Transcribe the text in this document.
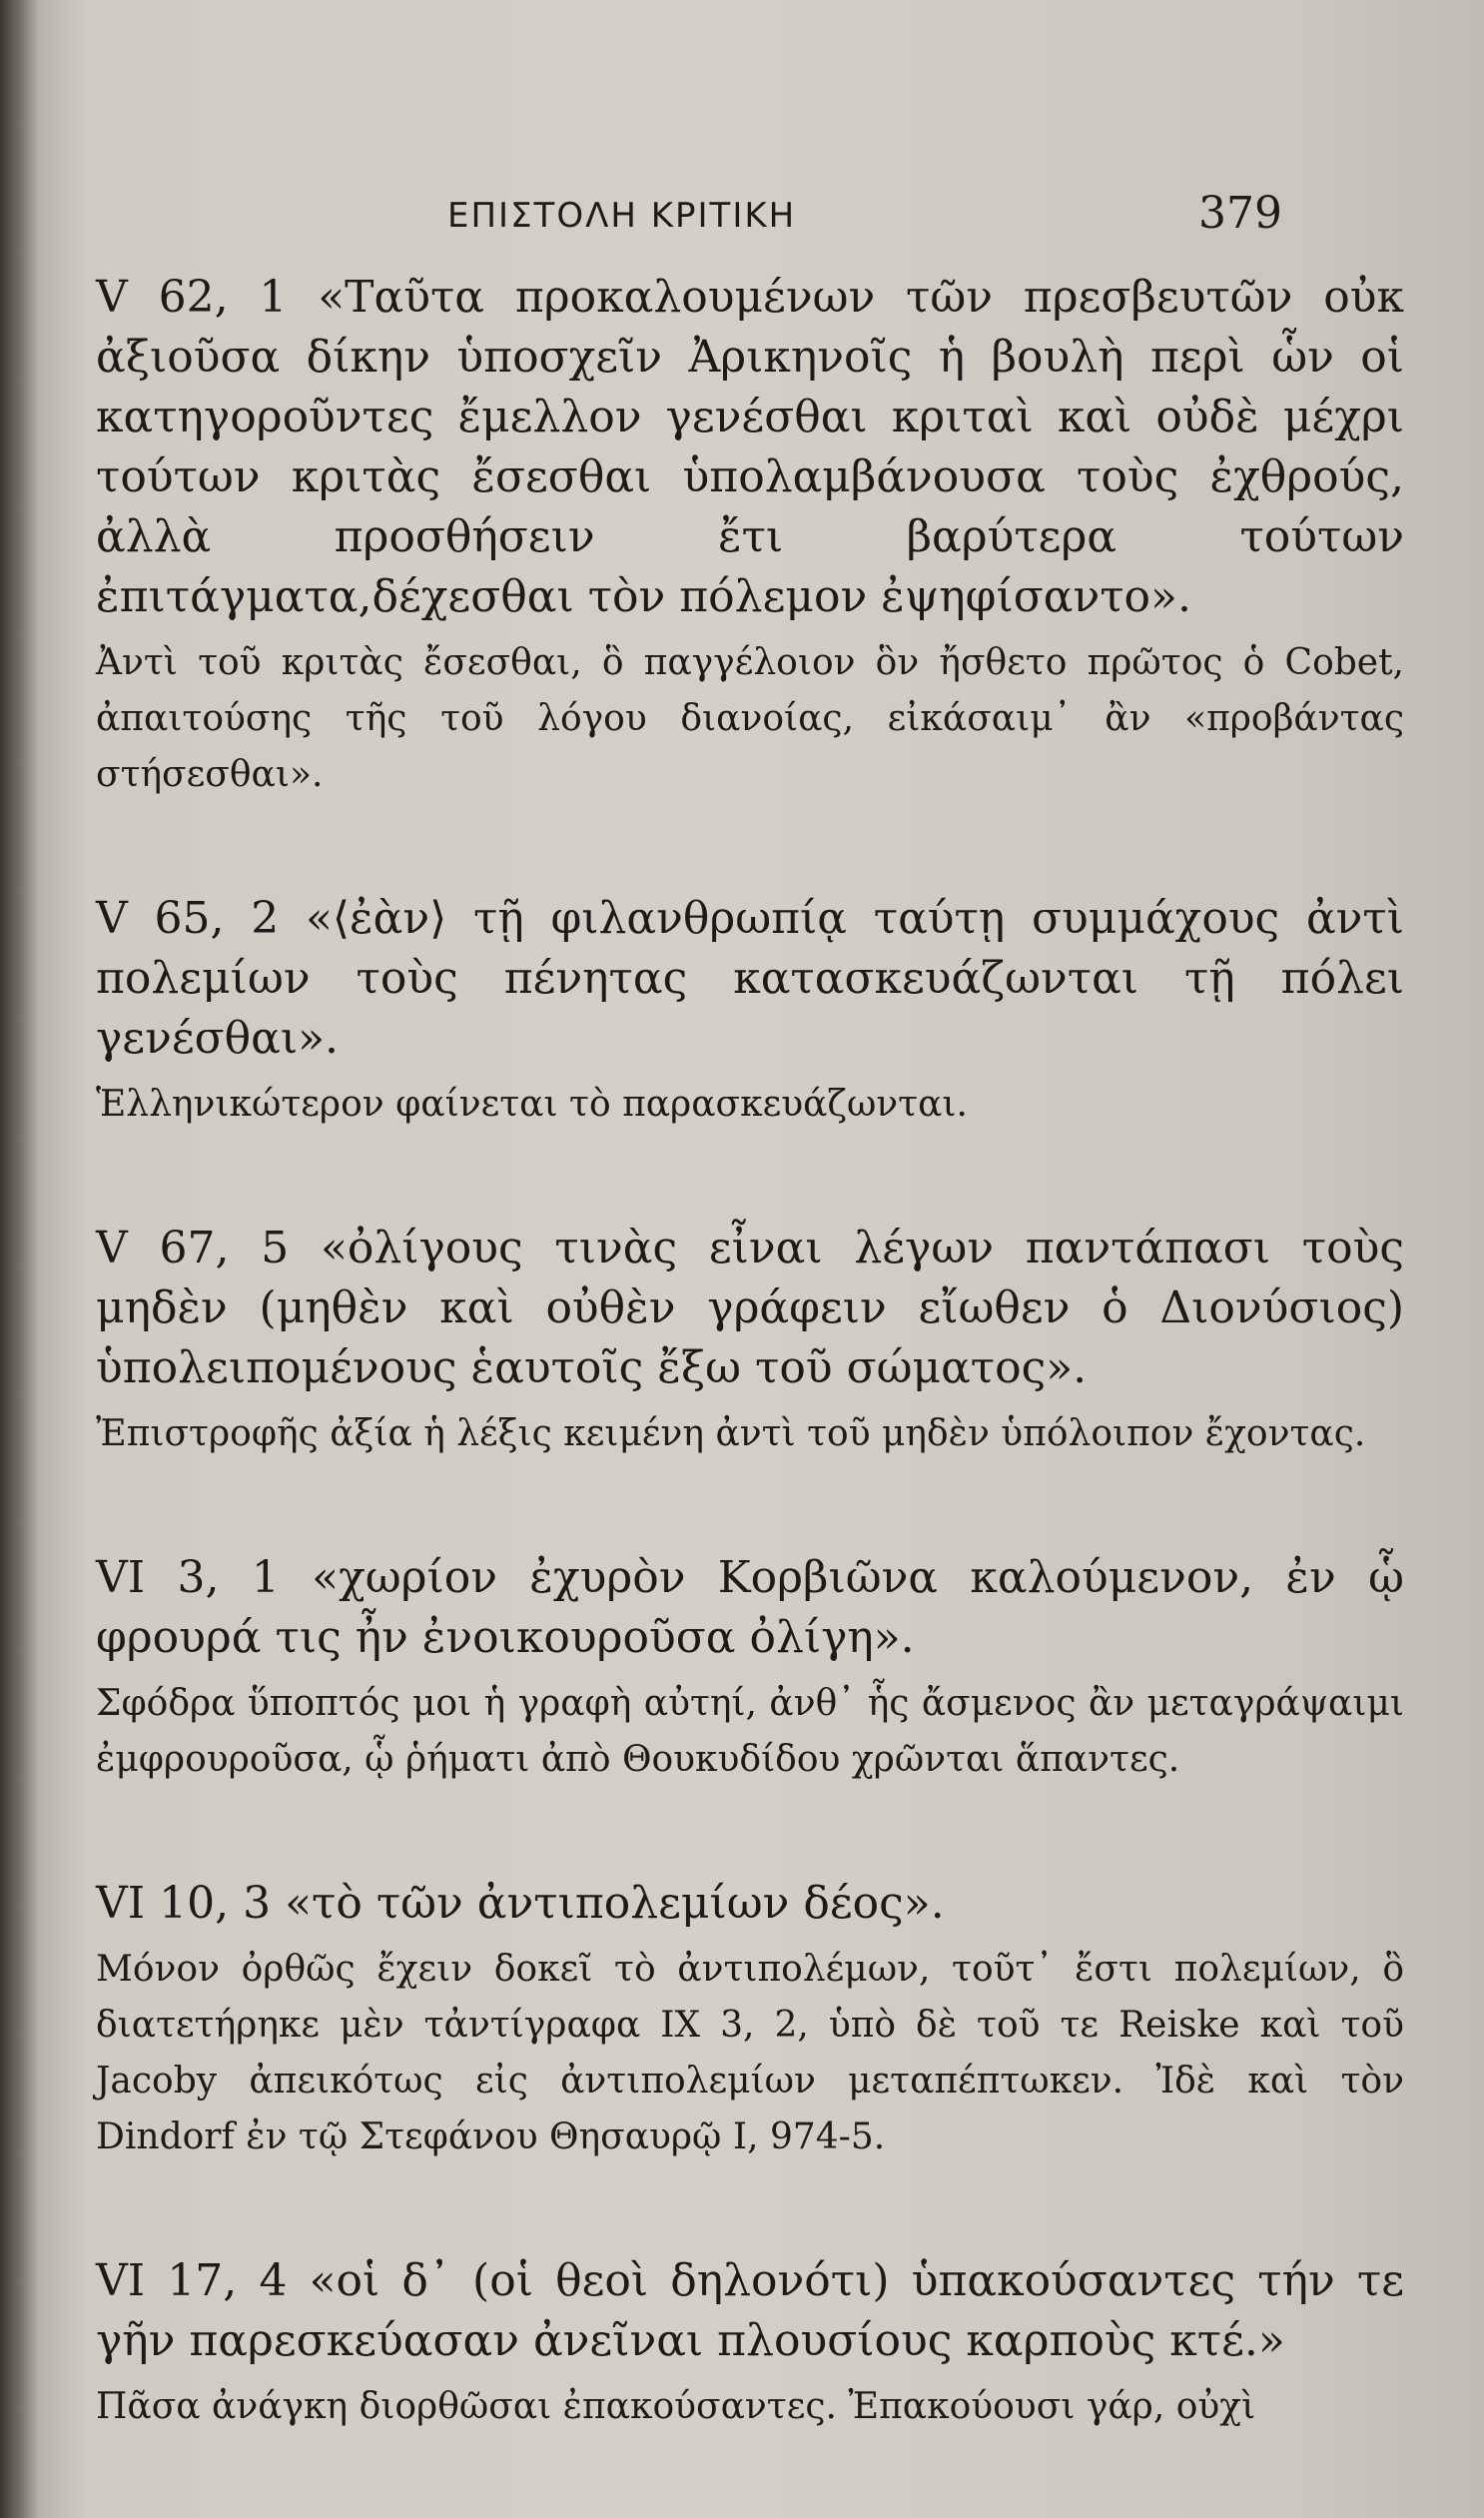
ΕΠΙΣΤΟΛΗ ΚΡΙΤΙΚΗ	379

V 62, 1 «Ταῦτα προκαλουμένων τῶν πρεσβευτῶν οὐκ ἀξιοῦσα δίκην ὑποσχεῖν Ἀρικηνοῖς ἡ βουλὴ περὶ ὧν οἱ κατηγοροῦντες ἔμελλον γενέσθαι κριταὶ καὶ οὐδὲ μέχρι τούτων κριτὰς ἔσεσθαι ὑπολαμβάνουσα τοὺς ἐχθρούς, ἀλλὰ προσθήσειν ἔτι βαρύτερα τούτων ἐπιτάγματα,δέχεσθαι τὸν πόλεμον ἐψηφίσαντο».

Ἀντὶ τοῦ κριτὰς ἔσεσθαι, ὃ παγγέλοιον ὃν ἤσθετο πρῶτος ὁ Cobet, ἀπαιτούσης τῆς τοῦ λόγου διανοίας, εἰκάσαιμ᾽ ἂν «προβάντας στήσεσθαι».

V 65, 2 «⟨ἐὰν⟩ τῇ φιλανθρωπίᾳ ταύτῃ συμμάχους ἀντὶ πολεμίων τοὺς πένητας κατασκευάζωνται τῇ πόλει γενέσθαι».

Ἑλληνικώτερον φαίνεται τὸ παρασκευάζωνται.

V 67, 5 «ὀλίγους τινὰς εἶναι λέγων παντάπασι τοὺς μηδὲν (μηθὲν καὶ οὐθὲν γράφειν εἴωθεν ὁ Διονύσιος) ὑπολειπομένους ἑαυτοῖς ἔξω τοῦ σώματος».

Ἐπιστροφῆς ἀξία ἡ λέξις κειμένη ἀντὶ τοῦ μηδὲν ὑπόλοιπον ἔχοντας.

VI 3, 1 «χωρίον ἐχυρὸν Κορβιῶνα καλούμενον, ἐν ᾧ φρουρά τις ἦν ἐνοικουροῦσα ὀλίγη».

Σφόδρα ὕποπτός μοι ἡ γραφὴ αὐτηί, ἀνθ᾽ ἧς ἄσμενος ἂν μεταγράψαιμι ἐμφρουροῦσα, ᾧ ῥήματι ἀπὸ Θουκυδίδου χρῶνται ἅπαντες.

VI 10, 3 «τὸ τῶν ἀντιπολεμίων δέος».

Μόνον ὀρθῶς ἔχειν δοκεῖ τὸ ἀντιπολέμων, τοῦτ᾽ ἔστι πολεμίων, ὃ διατετήρηκε μὲν τἀντίγραφα IX 3, 2, ὑπὸ δὲ τοῦ τε Reiske καὶ τοῦ Jacoby ἀπεικότως εἰς ἀντιπολεμίων μεταπέπτωκεν. Ἰδὲ καὶ τὸν Dindorf ἐν τῷ Στεφάνου Θησαυρῷ I, 974-5.

VI 17, 4 «οἱ δ᾽ (οἱ θεοὶ δηλονότι) ὑπακούσαντες τήν τε γῆν παρεσκεύασαν ἀνεῖναι πλουσίους καρποὺς κτέ.»

Πᾶσα ἀνάγκη διορθῶσαι ἐπακούσαντες. Ἐπακούουσι γάρ, οὐχὶ
